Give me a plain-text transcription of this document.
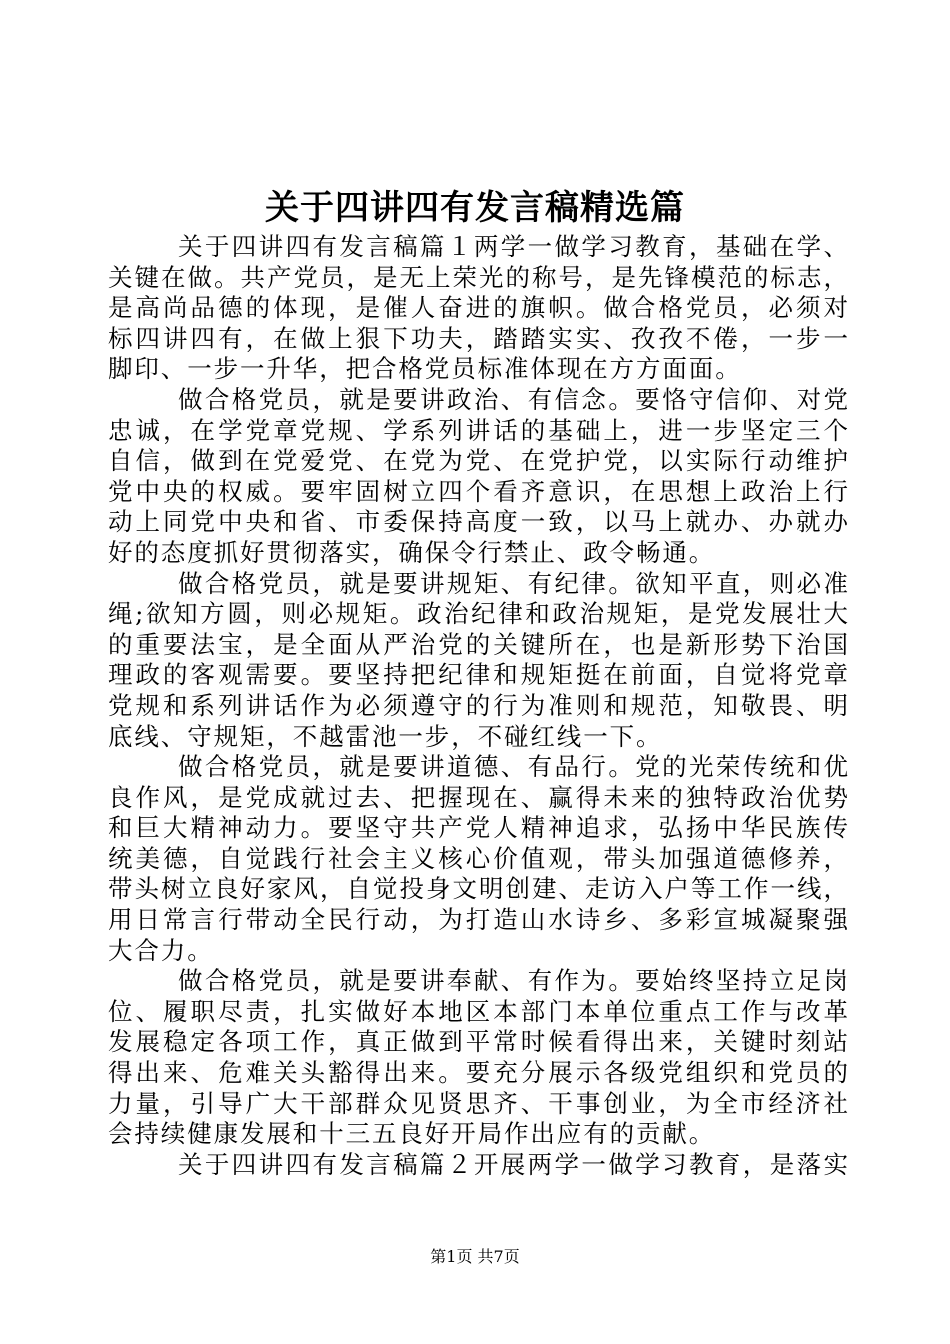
关于四讲四有发言稿精选篇
关于四讲四有发言稿篇１两学一做学习教育，基础在学、
关键在做。共产党员，是无上荣光的称号，是先锋模范的标志，
是高尚品德的体现，是催人奋进的旗帜。做合格党员，必须对
标四讲四有，在做上狠下功夫，踏踏实实、孜孜不倦，一步一
脚印、一步一升华，把合格党员标准体现在方方面面。
做合格党员，就是要讲政治、有信念。要恪守信仰、对党
忠诚，在学党章党规、学系列讲话的基础上，进一步坚定三个
自信，做到在党爱党、在党为党、在党护党，以实际行动维护
党中央的权威。要牢固树立四个看齐意识，在思想上政治上行
动上同党中央和省、市委保持高度一致，以马上就办、办就办
好的态度抓好贯彻落实，确保令行禁止、政令畅通。
做合格党员，就是要讲规矩、有纪律。欲知平直，则必准
绳;欲知方圆，则必规矩。政治纪律和政治规矩，是党发展壮大
的重要法宝，是全面从严治党的关键所在，也是新形势下治国
理政的客观需要。要坚持把纪律和规矩挺在前面，自觉将党章
党规和系列讲话作为必须遵守的行为准则和规范，知敬畏、明
底线、守规矩，不越雷池一步，不碰红线一下。
做合格党员，就是要讲道德、有品行。党的光荣传统和优
良作风，是党成就过去、把握现在、赢得未来的独特政治优势
和巨大精神动力。要坚守共产党人精神追求，弘扬中华民族传
统美德，自觉践行社会主义核心价值观，带头加强道德修养，
带头树立良好家风，自觉投身文明创建、走访入户等工作一线，
用日常言行带动全民行动，为打造山水诗乡、多彩宣城凝聚强
大合力。
做合格党员，就是要讲奉献、有作为。要始终坚持立足岗
位、履职尽责，扎实做好本地区本部门本单位重点工作与改革
发展稳定各项工作，真正做到平常时候看得出来，关键时刻站
得出来、危难关头豁得出来。要充分展示各级党组织和党员的
力量，引导广大干部群众见贤思齐、干事创业，为全市经济社
会持续健康发展和十三五良好开局作出应有的贡献。
关于四讲四有发言稿篇２开展两学一做学习教育，是落实
第1页 共7页
